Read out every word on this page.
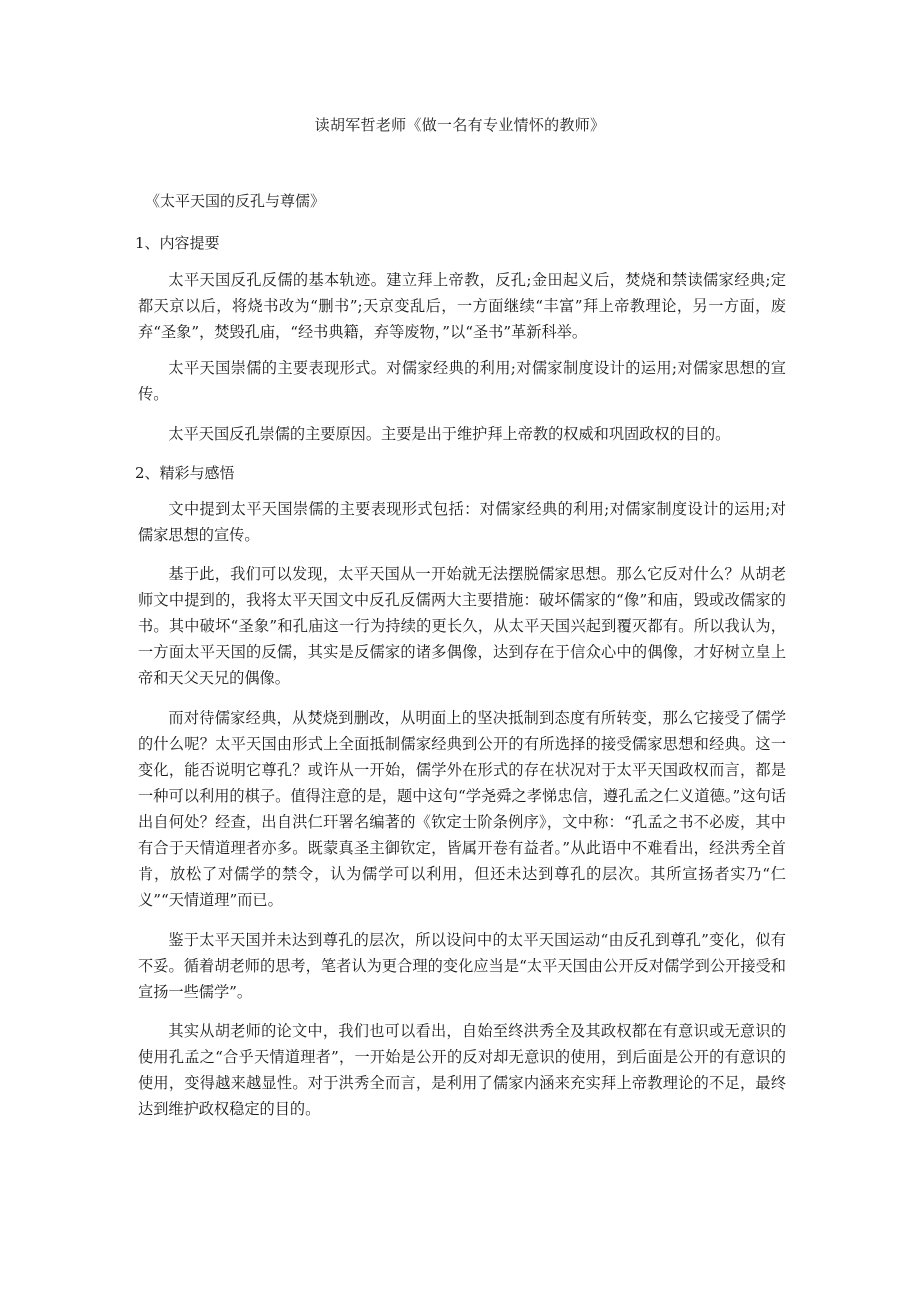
读胡军哲老师《做一名有专业情怀的教师》
《太平天国的反孔与尊儒》
1、内容提要

太平天国反孔反儒的基本轨迹。建立拜上帝教，反孔;金田起义后，焚烧和禁读儒家经典;定都天京以后，将烧书改为“删书”;天京变乱后，一方面继续“丰富”拜上帝教理论，另一方面，废弃“圣象”，焚毁孔庙，“经书典籍，弃等废物，”以“圣书”革新科举。

太平天国崇儒的主要表现形式。对儒家经典的利用;对儒家制度设计的运用;对儒家思想的宣传。

太平天国反孔崇儒的主要原因。主要是出于维护拜上帝教的权威和巩固政权的目的。

2、精彩与感悟

文中提到太平天国崇儒的主要表现形式包括：对儒家经典的利用;对儒家制度设计的运用;对儒家思想的宣传。

基于此，我们可以发现，太平天国从一开始就无法摆脱儒家思想。那么它反对什么？从胡老师文中提到的，我将太平天国文中反孔反儒两大主要措施：破坏儒家的“像”和庙，毁或改儒家的书。其中破坏“圣象”和孔庙这一行为持续的更长久，从太平天国兴起到覆灭都有。所以我认为，一方面太平天国的反儒，其实是反儒家的诸多偶像，达到存在于信众心中的偶像，才好树立皇上帝和天父天兄的偶像。

而对待儒家经典，从焚烧到删改，从明面上的坚决抵制到态度有所转变，那么它接受了儒学的什么呢？太平天国由形式上全面抵制儒家经典到公开的有所选择的接受儒家思想和经典。这一变化，能否说明它尊孔？或许从一开始，儒学外在形式的存在状况对于太平天国政权而言，都是一种可以利用的棋子。值得注意的是，题中这句“学尧舜之孝悌忠信，遵孔孟之仁义道德。”这句话出自何处？经查，出自洪仁玕署名编著的《钦定士阶条例序》，文中称：“孔孟之书不必废，其中有合于天情道理者亦多。既蒙真圣主御钦定，皆属开卷有益者。”从此语中不难看出，经洪秀全首肯，放松了对儒学的禁令，认为儒学可以利用，但还未达到尊孔的层次。其所宣扬者实乃“仁义”“天情道理”而已。

鉴于太平天国并未达到尊孔的层次，所以设问中的太平天国运动“由反孔到尊孔”变化，似有不妥。循着胡老师的思考，笔者认为更合理的变化应当是“太平天国由公开反对儒学到公开接受和宣扬一些儒学”。

其实从胡老师的论文中，我们也可以看出，自始至终洪秀全及其政权都在有意识或无意识的使用孔孟之“合乎天情道理者”，一开始是公开的反对却无意识的使用，到后面是公开的有意识的使用，变得越来越显性。对于洪秀全而言，是利用了儒家内涵来充实拜上帝教理论的不足，最终达到维护政权稳定的目的。
